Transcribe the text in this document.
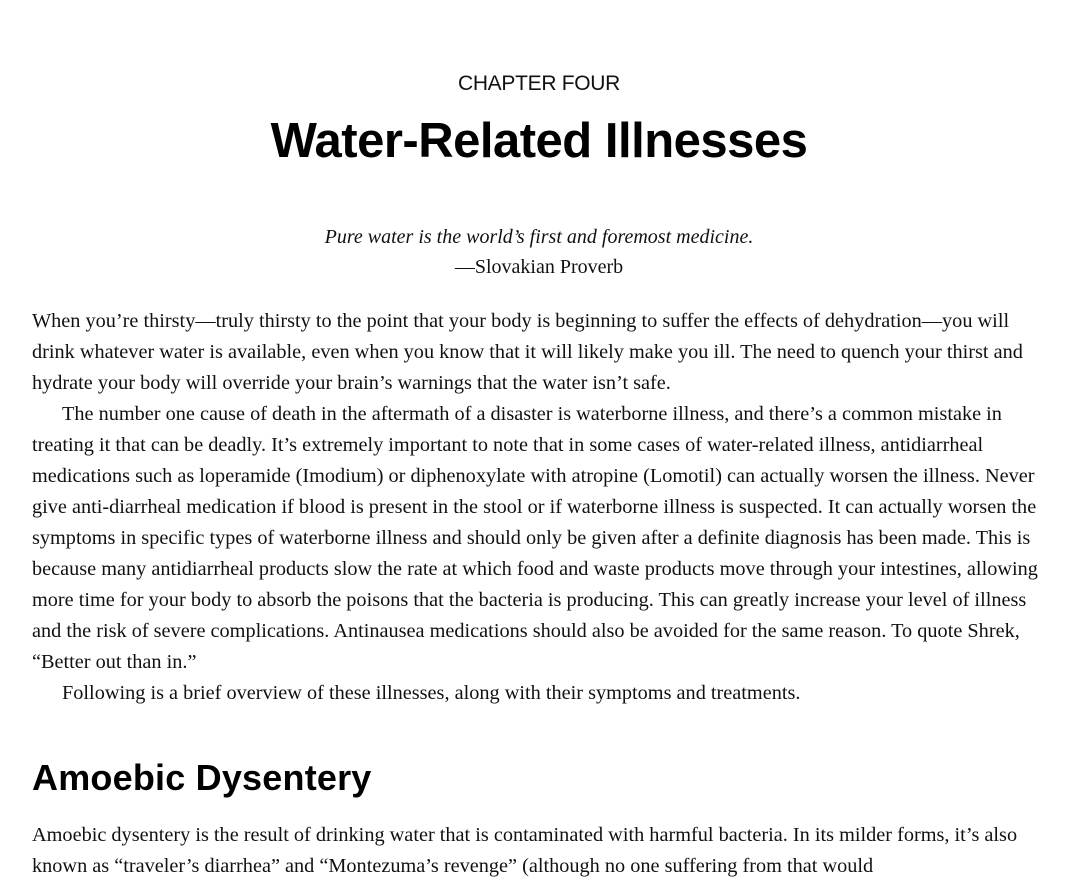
CHAPTER FOUR
Water-Related Illnesses
Pure water is the world’s first and foremost medicine.
—Slovakian Proverb

When you’re thirsty—truly thirsty to the point that your body is beginning to suffer the effects of dehydration—you will drink whatever water is available, even when you know that it will likely make you ill. The need to quench your thirst and hydrate your body will override your brain’s warnings that the water isn’t safe.

The number one cause of death in the aftermath of a disaster is waterborne illness, and there’s a common mistake in treating it that can be deadly. It’s extremely important to note that in some cases of water-related illness, antidiarrheal medications such as loperamide (Imodium) or diphenoxylate with atropine (Lomotil) can actually worsen the illness. Never give anti-diarrheal medication if blood is present in the stool or if waterborne illness is suspected. It can actually worsen the symptoms in specific types of waterborne illness and should only be given after a definite diagnosis has been made. This is because many antidiarrheal products slow the rate at which food and waste products move through your intestines, allowing more time for your body to absorb the poisons that the bacteria is producing. This can greatly increase your level of illness and the risk of severe complications. Antinausea medications should also be avoided for the same reason. To quote Shrek, “Better out than in.”

Following is a brief overview of these illnesses, along with their symptoms and treatments.

Amoebic Dysentery

Amoebic dysentery is the result of drinking water that is contaminated with harmful bacteria. In its milder forms, it’s also known as “traveler’s diarrhea” and “Montezuma’s revenge” (although no one suffering from that would
